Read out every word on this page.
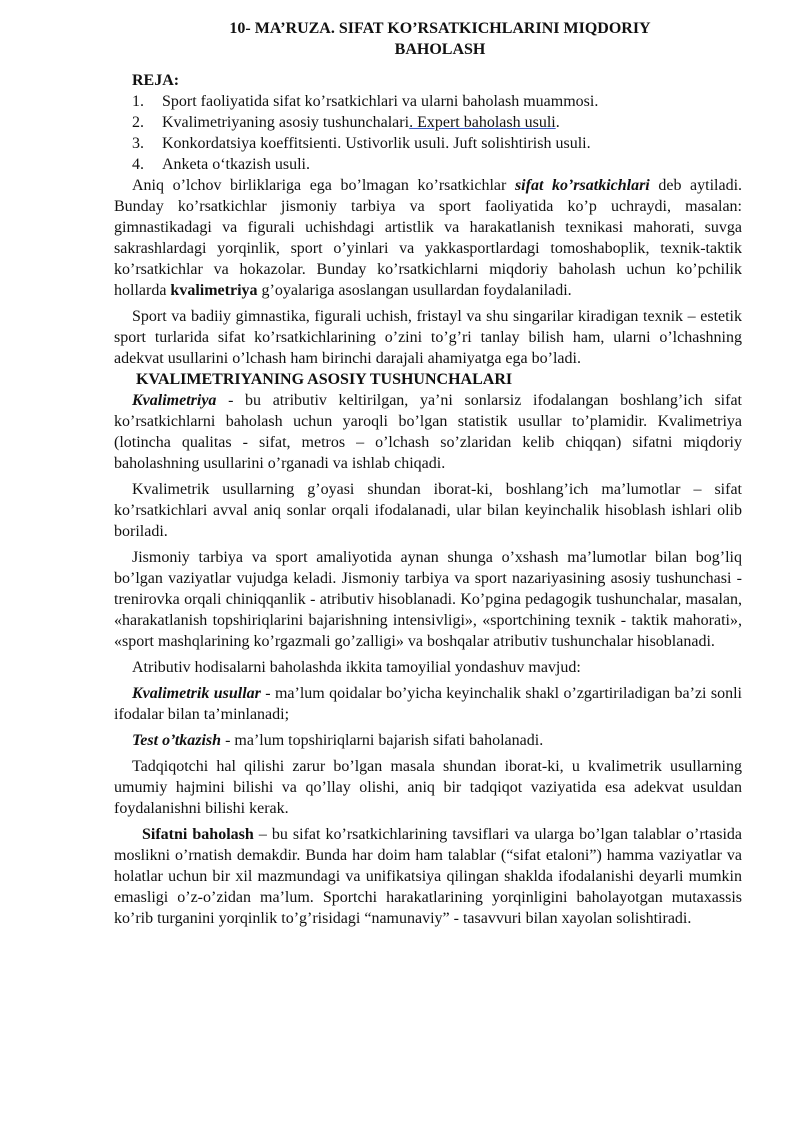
10- MA’RUZA. SIFAT KO’RSATKICHLARINI MIQDORIY
BAHOLASH
REJA:
1.	Sport faoliyatida sifat ko’rsatkichlari va ularni baholash muammosi.
2.	Kvalimetriyaning asosiy tushunchalari. Expert baholash usuli.
3.	Konkordatsiya koeffitsienti. Ustivorlik usuli. Juft solishtirish usuli.
4.	Anketa o‘tkazish usuli.

Aniq o’lchov birliklariga ega bo’lmagan ko’rsatkichlar sifat ko’rsatkichlari deb aytiladi. Bunday ko’rsatkichlar jismoniy tarbiya va sport faoliyatida ko’p uchraydi, masalan: gimnastikadagi va figurali uchishdagi artistlik va harakatlanish texnikasi mahorati, suvga sakrashlardagi yorqinlik, sport o’yinlari va yakkasportlardagi tomoshaboplik, texnik-taktik ko’rsatkichlar va hokazolar. Bunday ko’rsatkichlarni miqdoriy baholash uchun ko’pchilik hollarda kvalimetriya g’oyalariga asoslangan usullardan foydalaniladi.

Sport va badiiy gimnastika, figurali uchish, fristayl va shu singarilar kiradigan texnik – estetik sport turlarida sifat ko’rsatkichlarining o’zini to’g’ri tanlay bilish ham, ularni o’lchashning adekvat usullarini o’lchash ham birinchi darajali ahamiyatga ega bo’ladi.

KVALIMETRIYANING ASOSIY TUSHUNCHALARI

Kvalimetriya - bu atributiv keltirilgan, ya’ni sonlarsiz ifodalangan boshlang’ich sifat ko’rsatkichlarni baholash uchun yaroqli bo’lgan statistik usullar to’plamidir. Kvalimetriya (lotincha qualitas - sifat, metros – o’lchash so’zlaridan kelib chiqqan) sifatni miqdoriy baholashning usullarini o’rganadi va ishlab chiqadi.

Kvalimetrik usullarning g’oyasi shundan iborat-ki, boshlang’ich ma’lumotlar – sifat ko’rsatkichlari avval aniq sonlar orqali ifodalanadi, ular bilan keyinchalik hisoblash ishlari olib boriladi.

Jismoniy tarbiya va sport amaliyotida aynan shunga o’xshash ma’lumotlar bilan bog’liq bo’lgan vaziyatlar vujudga keladi. Jismoniy tarbiya va sport nazariyasining asosiy tushunchasi - trenirovka orqali chiniqqanlik - atributiv hisoblanadi. Ko’pgina pedagogik tushunchalar, masalan, «harakatlanish topshiriqlarini bajarishning intensivligi», «sportchining texnik - taktik mahorati», «sport mashqlarining ko’rgazmali go’zalligi» va boshqalar atributiv tushunchalar hisoblanadi.

Atributiv hodisalarni baholashda ikkita tamoyilial yondashuv mavjud:

Kvalimetrik usullar - ma’lum qoidalar bo’yicha keyinchalik shakl o’zgartiriladigan ba’zi sonli ifodalar bilan ta’minlanadi;

Test o’tkazish - ma’lum topshiriqlarni bajarish sifati baholanadi.

Tadqiqotchi hal qilishi zarur bo’lgan masala shundan iborat-ki, u kvalimetrik usullarning umumiy hajmini bilishi va qo’llay olishi, aniq bir tadqiqot vaziyatida esa adekvat usuldan foydalanishni bilishi kerak.

Sifatni baholash – bu sifat ko’rsatkichlarining tavsiflari va ularga bo’lgan talablar o’rtasida moslikni o’rnatish demakdir. Bunda har doim ham talablar (“sifat etaloni”) hamma vaziyatlar va holatlar uchun bir xil mazmundagi va unifikatsiya qilingan shaklda ifodalanishi deyarli mumkin emasligi o’z-o’zidan ma’lum. Sportchi harakatlarining yorqinligini baholayotgan mutaxassis ko’rib turganini yorqinlik to’g’risidagi “namunaviy” - tasavvuri bilan xayolan solishtiradi.
